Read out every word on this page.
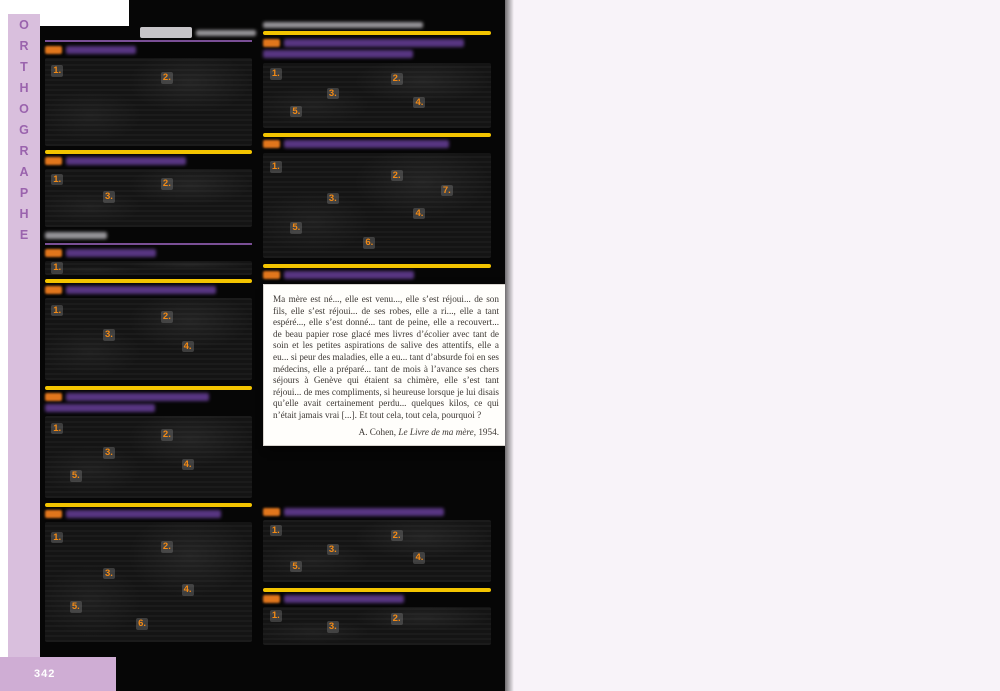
1.
2.
1.	2.
3.
1.
1.
2.
3.
4.
1.
2.
3.
4.
5.
1.
2.
3.
4.
5.
6.
1.	2.
3.
4.
5.
1.
2.
3.
4.
5.
6.
7.
Ma mère est né..., elle est venu..., elle s’est réjoui... de son fils, elle s’est réjoui... de ses robes, elle a ri..., elle a tant espéré..., elle s’est donné... tant de peine, elle a recouvert... de beau papier rose glacé mes livres d’écolier avec tant de soin et les petites aspirations de salive des attentifs, elle a eu... si peur des maladies, elle a eu... tant d’absurde foi en ses médecins, elle a préparé... tant de mois à l’avance ses chers séjours à Genève qui étaient sa chimère, elle s’est tant réjoui... de mes compliments, si heureuse lorsque je lui disais qu’elle avait certainement perdu... quelques kilos, ce qui n’était jamais vrai [...]. Et tout cela, tout cela, pourquoi ?
A. Cohen, Le Livre de ma mère, 1954.
1.	2.
3.
4.
5.
1.	2.
3.
O
R
T
H
O
G
R
A
P
H
E
342
